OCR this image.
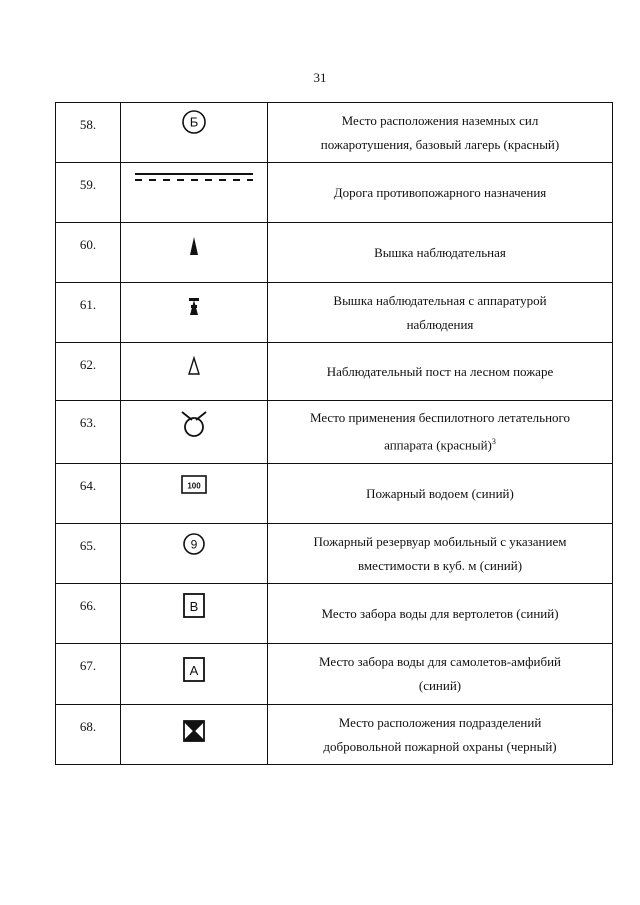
31
58.	Б	Место расположения наземных сил
пожаротушения, базовый лагерь (красный)

59.		Дорога противопожарного назначения

60.		Вышка наблюдательная

61.		Вышка наблюдательная с аппаратурой
наблюдения

62.		Наблюдательный пост на лесном пожаре

63.		Место применения беспилотного летательного
аппарата (красный)$^3$

64.	100	Пожарный водоем (синий)

65.	9	Пожарный резервуар мобильный с указанием
вместимости в куб. м (синий)

66.	В	Место забора воды для вертолетов (синий)

67.	А	Место забора воды для самолетов-амфибий
(синий)

68.		Место расположения подразделений
добровольной пожарной охраны (черный)
